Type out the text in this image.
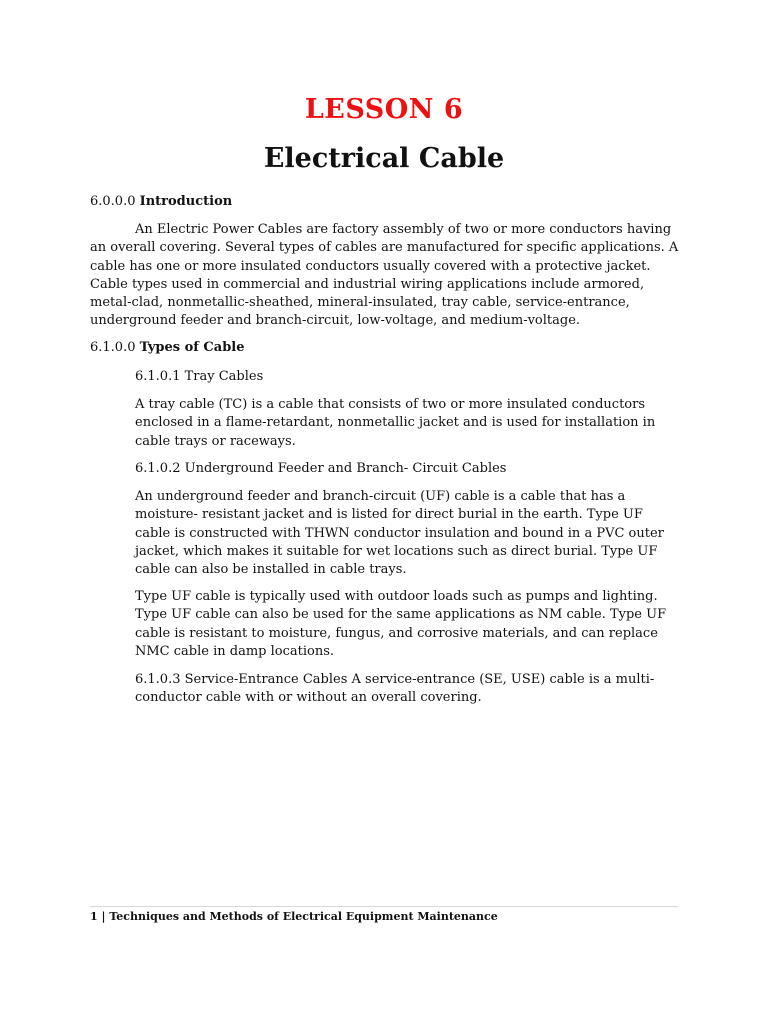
LESSON 6
Electrical Cable
6.0.0.0 Introduction
An Electric Power Cables are factory assembly of two or more conductors having an overall covering. Several types of cables are manufactured for specific applications. A cable has one or more insulated conductors usually covered with a protective jacket. Cable types used in commercial and industrial wiring applications include armored, metal-clad, nonmetallic-sheathed, mineral-insulated, tray cable, service-entrance, underground feeder and branch-circuit, low-voltage, and medium-voltage.
6.1.0.0 Types of Cable
6.1.0.1 Tray Cables
A tray cable (TC) is a cable that consists of two or more insulated conductors enclosed in a flame-retardant, nonmetallic jacket and is used for installation in cable trays or raceways.
6.1.0.2 Underground Feeder and Branch- Circuit Cables
An underground feeder and branch-circuit (UF) cable is a cable that has a moisture- resistant jacket and is listed for direct burial in the earth. Type UF cable is constructed with THWN conductor insulation and bound in a PVC outer jacket, which makes it suitable for wet locations such as direct burial. Type UF cable can also be installed in cable trays.
Type UF cable is typically used with outdoor loads such as pumps and lighting. Type UF cable can also be used for the same applications as NM cable. Type UF cable is resistant to moisture, fungus, and corrosive materials, and can replace NMC cable in damp locations.
6.1.0.3 Service-Entrance Cables A service-entrance (SE, USE) cable is a multi-conductor cable with or without an overall covering.
1 | Techniques and Methods of Electrical Equipment Maintenance
